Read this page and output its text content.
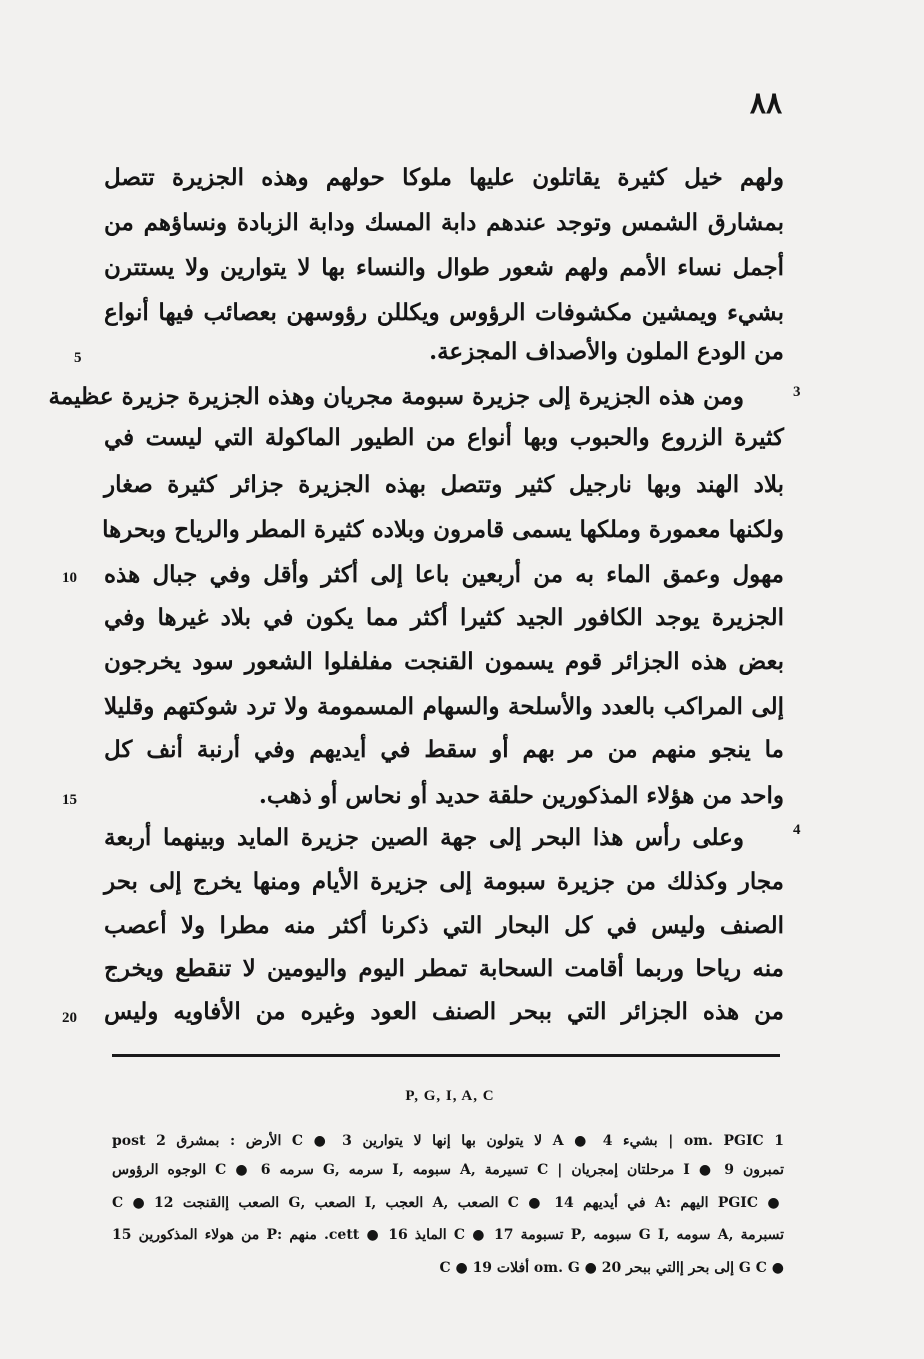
٨٨
ولهم خيل كثيرة يقاتلون عليها ملوكا حولهم وهذه الجزيرة تتصل
بمشارق الشمس وتوجد عندهم دابة المسك ودابة الزبادة ونساؤهم من
أجمل نساء الأمم ولهم شعور طوال والنساء بها لا يتوارين ولا يستترن
بشيء ويمشين مكشوفات الرؤوس ويكللن رؤوسهن بعصائب فيها أنواع
من الودع الملون والأصداف المجزعة.
ومن هذه الجزيرة إلى جزيرة سبومة مجريان وهذه الجزيرة جزيرة عظيمة
كثيرة الزروع والحبوب وبها أنواع من الطيور الماكولة التي ليست في
بلاد الهند وبها نارجيل كثير وتتصل بهذه الجزيرة جزائر كثيرة صغار
ولكنها معمورة وملكها يسمى قامرون وبلاده كثيرة المطر والرياح وبحرها
مهول وعمق الماء به من أربعين باعا إلى أكثر وأقل وفي جبال هذه
الجزيرة يوجد الكافور الجيد كثيرا أكثر مما يكون في بلاد غيرها وفي
بعض هذه الجزائر قوم يسمون القنجت مفلفلوا الشعور سود يخرجون
إلى المراكب بالعدد والأسلحة والسهام المسمومة ولا ترد شوكتهم وقليلا
ما ينجو منهم من مر بهم أو سقط في أيديهم وفي أرنبة أنف كل
واحد من هؤلاء المذكورين حلقة حديد أو نحاس أو ذهب.
وعلى رأس هذا البحر إلى جهة الصين جزيرة المايد وبينهما أربعة
مجار وكذلك من جزيرة سبومة إلى جزيرة الأيام ومنها يخرج إلى بحر
الصنف وليس في كل البحار التي ذكرنا أكثر منه مطرا ولا أعصب
منه رياحا وربما أقامت السحابة تمطر اليوم واليومين لا تنقطع ويخرج
من هذه الجزائر التي ببحر الصنف العود وغيره من الأفاويه وليس
5
10
15
20
3
4
P, G, I, A, C
1 om. PGIC | بشيء 4 ● A لا يتولون بها إنها لا يتوارين 3 ● C الأرض : بمشرق 2 post
تمبر‌ون 9 ● I مرحلتان إمجريان | C تسيرمة ,A سبومه ,I سرمه ,G سرمه 6 ● C الوجوه الرؤوس
● PGIC اليهم :A في أيديهم 14 ● C الصعب ,A العجب ,I الصعب ,G الصعب إالقنجت 12 ● C
تسبرمة ,A سومه ,G I سبومه ,P تسبومة 17 ● C المايذ 16 ● cett. منهم :P من هولاء المذكورين 15
● G C إلى بحر إالتي ببحر 20 ● om. G أفلات 19 ● C
